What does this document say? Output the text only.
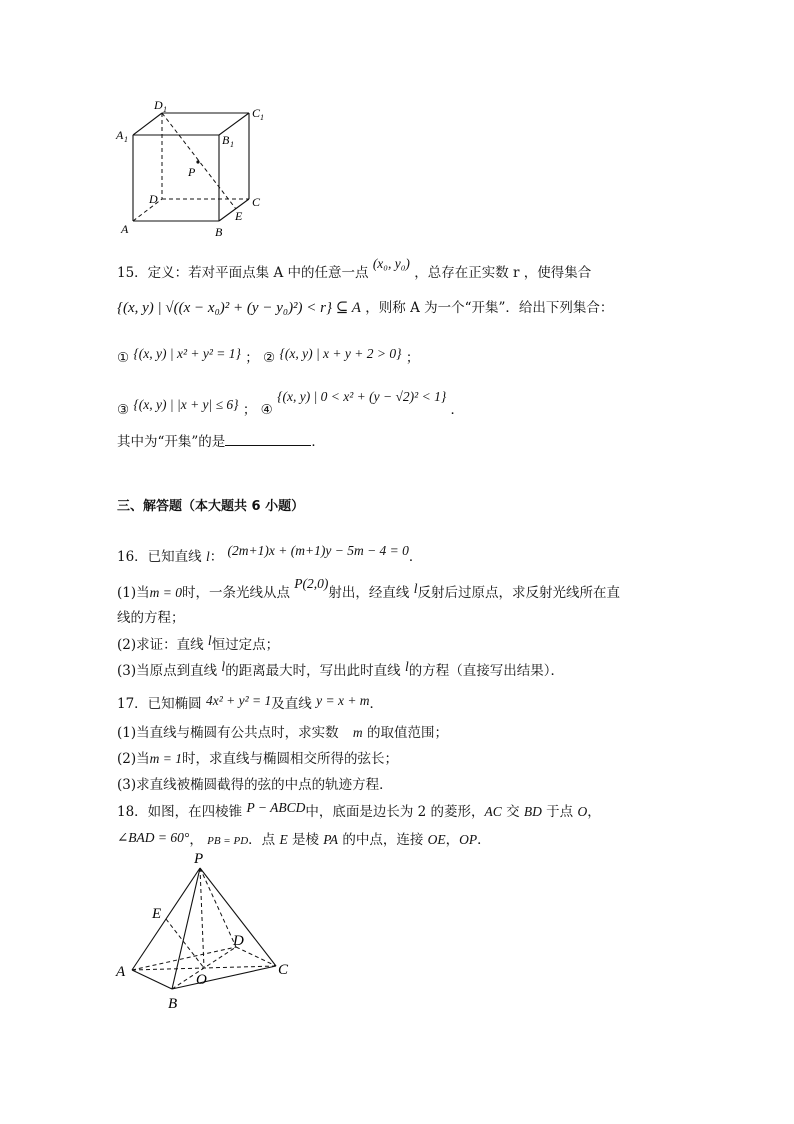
D 1	C 1
A 1	B 1
P
D	C
E
A	B
15．定义：若对平面点集 A 中的任意一点 (x₀, y₀) ，总存在正实数 r ，使得集合
{(x, y) | √((x − x₀)² + (y − y₀)²) < r} ⊆ A ，则称 A 为一个“开集”．给出下列集合：
① {(x, y) | x² + y² = 1} ； ② {(x, y) | x + y + 2 > 0} ；
③ {(x, y) | |x + y| ≤ 6} ； ④ {(x, y) | 0 < x² + (y − √2)² < 1} ．
其中为“开集”的是	．
三、解答题（本大题共 6 小题）
16．已知直线 l： (2m+1)x + (m+1)y − 5m − 4 = 0．
(1)当m = 0时，一条光线从点 P(2,0)射出，经直线 l反射后过原点，求反射光线所在直
线的方程；
(2)求证：直线 l恒过定点；
(3)当原点到直线 l的距离最大时，写出此时直线 l的方程（直接写出结果）．
17．已知椭圆 4x² + y² = 1及直线 y = x + m．
(1)当直线与椭圆有公共点时，求实数 m 的取值范围；
(2)当m = 1时，求直线与椭圆相交所得的弦长；
(3)求直线被椭圆截得的弦的中点的轨迹方程．
18．如图，在四棱锥 P − ABCD中，底面是边长为 2 的菱形，AC 交 BD 于点 O，
∠BAD = 60°， PB = PD．点 E 是棱 PA 的中点，连接 OE，OP．
P
E
D
A	O
C
B
